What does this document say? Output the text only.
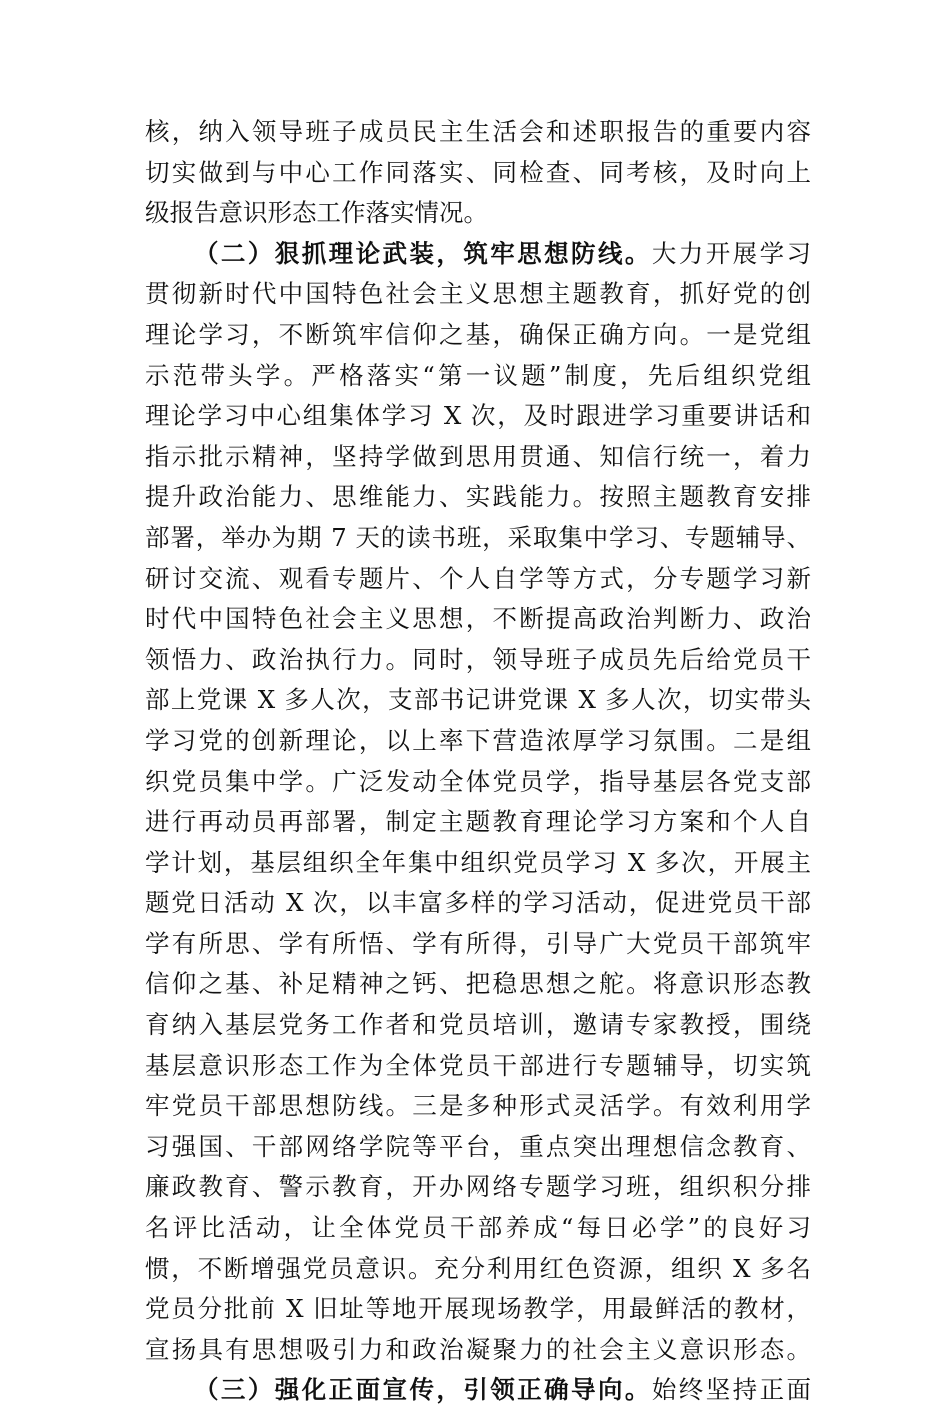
核，纳入领导班子成员民主生活会和述职报告的重要内容
切实做到与中心工作同落实、同检查、同考核，及时向上
级报告意识形态工作落实情况。
（二）狠抓理论武装，筑牢思想防线。大力开展学习
贯彻新时代中国特色社会主义思想主题教育，抓好党的创
理论学习，不断筑牢信仰之基，确保正确方向。一是党组
示范带头学。严格落实“第一议题”制度，先后组织党组
理论学习中心组集体学习 X 次，及时跟进学习重要讲话和
指示批示精神，坚持学做到思用贯通、知信行统一，着力
提升政治能力、思维能力、实践能力。按照主题教育安排
部署，举办为期 7 天的读书班，采取集中学习、专题辅导、
研讨交流、观看专题片、个人自学等方式，分专题学习新
时代中国特色社会主义思想，不断提高政治判断力、政治
领悟力、政治执行力。同时，领导班子成员先后给党员干
部上党课 X 多人次，支部书记讲党课 X 多人次，切实带头
学习党的创新理论，以上率下营造浓厚学习氛围。二是组
织党员集中学。广泛发动全体党员学，指导基层各党支部
进行再动员再部署，制定主题教育理论学习方案和个人自
学计划，基层组织全年集中组织党员学习 X 多次，开展主
题党日活动 X 次，以丰富多样的学习活动，促进党员干部
学有所思、学有所悟、学有所得，引导广大党员干部筑牢
信仰之基、补足精神之钙、把稳思想之舵。将意识形态教
育纳入基层党务工作者和党员培训，邀请专家教授，围绕
基层意识形态工作为全体党员干部进行专题辅导，切实筑
牢党员干部思想防线。三是多种形式灵活学。有效利用学
习强国、干部网络学院等平台，重点突出理想信念教育、
廉政教育、警示教育，开办网络专题学习班，组织积分排
名评比活动，让全体党员干部养成“每日必学”的良好习
惯，不断增强党员意识。充分利用红色资源，组织 X 多名
党员分批前 X 旧址等地开展现场教学，用最鲜活的教材，
宣扬具有思想吸引力和政治凝聚力的社会主义意识形态。
（三）强化正面宣传，引领正确导向。始终坚持正面
